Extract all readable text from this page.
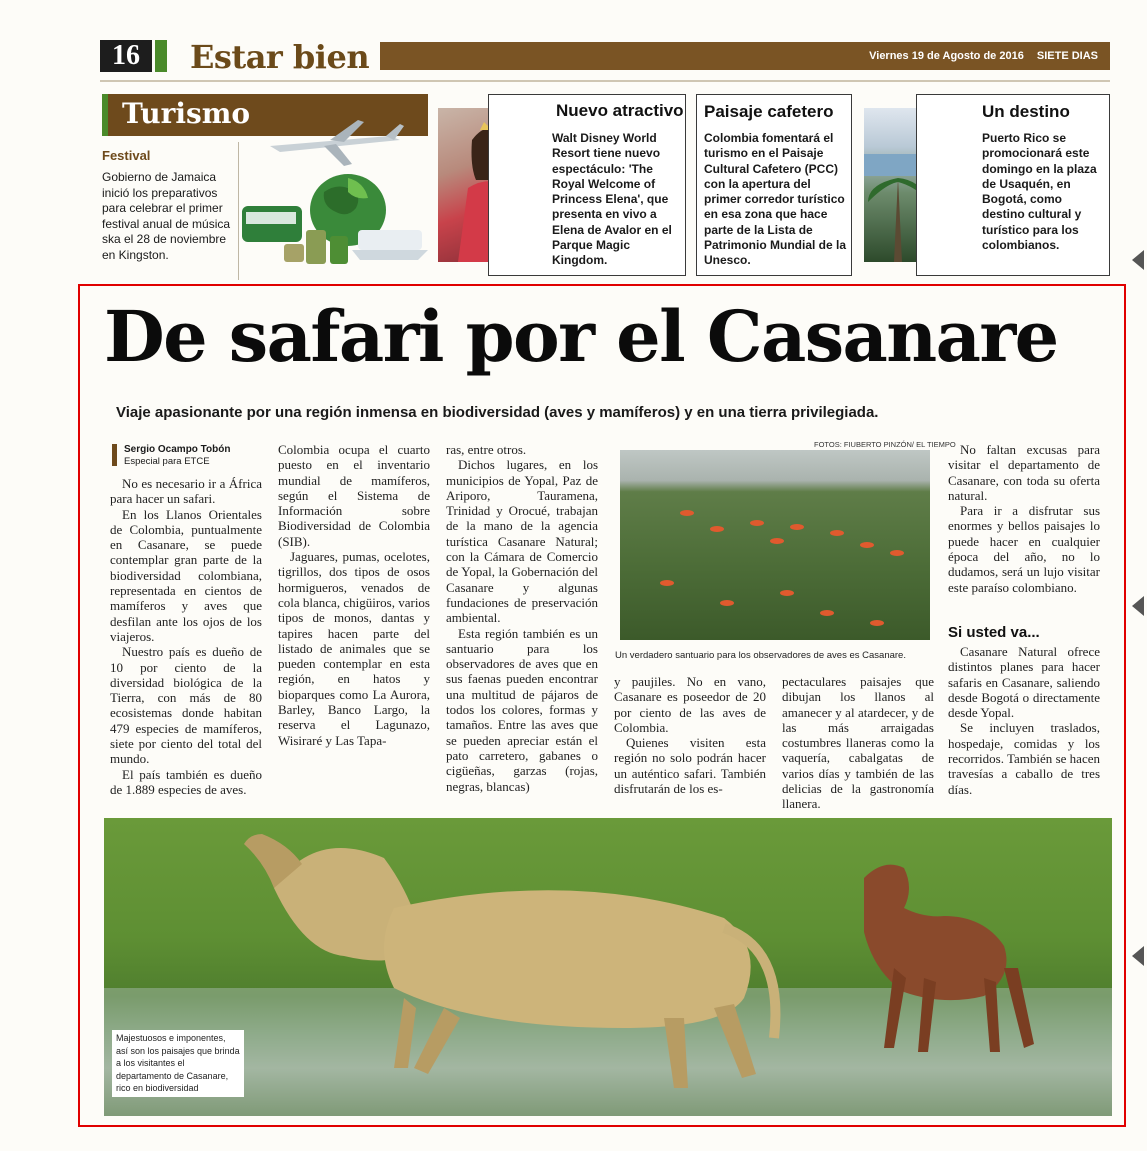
16	Estar bien	Viernes 19 de Agosto de 2016 SIETE DIAS
Turismo
Festival
Gobierno de Jamaica inició los preparativos para celebrar el primer festival anual de música ska el 28 de noviembre en Kingston.
Nuevo atractivo
Walt Disney World Resort tiene nuevo espectáculo: 'The Royal Welcome of Princess Elena', que presenta en vivo a Elena de Avalor en el Parque Magic Kingdom.
Paisaje cafetero
Colombia fomentará el turismo en el Paisaje Cultural Cafetero (PCC) con la apertura del primer corredor turístico en esa zona que hace parte de la Lista de Patrimonio Mundial de la Unesco.
Un destino
Puerto Rico se promocionará este domingo en la plaza de Usaquén, en Bogotá, como destino cultural y turístico para los colombianos.
De safari por el Casanare
Viaje apasionante por una región inmensa en biodiversidad (aves y mamíferos) y en una tierra privilegiada.
Sergio Ocampo Tobón
Especial para ETCE

No es necesario ir a África para hacer un safari.

En los Llanos Orientales de Colombia, puntualmente en Casanare, se puede contemplar gran parte de la biodiversidad colombiana, representada en cientos de mamíferos y aves que desfilan ante los ojos de los viajeros.

Nuestro país es dueño de 10 por ciento de la diversidad biológica de la Tierra, con más de 80 ecosistemas donde habitan 479 especies de mamíferos, siete por ciento del total del mundo.

El país también es dueño de 1.889 especies de aves.

Colombia ocupa el cuarto puesto en el inventario mundial de mamíferos, según el Sistema de Información sobre Biodiversidad de Colombia (SIB).

Jaguares, pumas, ocelotes, tigrillos, dos tipos de osos hormigueros, venados de cola blanca, chigüiros, varios tipos de monos, dantas y tapires hacen parte del listado de animales que se pueden contemplar en esta región, en hatos y bioparques como La Aurora, Barley, Banco Largo, la reserva el Lagunazo, Wisiraré y Las Tapa-

ras, entre otros.

Dichos lugares, en los municipios de Yopal, Paz de Ariporo, Tauramena, Trinidad y Orocué, trabajan de la mano de la agencia turística Casanare Natural; con la Cámara de Comercio de Yopal, la Gobernación del Casanare y algunas fundaciones de preservación ambiental.

Esta región también es un santuario para los observadores de aves que en sus faenas pueden encontrar una multitud de pájaros de todos los colores, formas y tamaños. Entre las aves que se pueden apreciar están el pato carretero, gabanes o cigüeñas, garzas (rojas, negras, blancas)

FOTOS: FIUBERTO PINZÓN/ EL TIEMPO
Un verdadero santuario para los observadores de aves es Casanare.

y paujiles. No en vano, Casanare es poseedor de 20 por ciento de las aves de Colombia.

Quienes visiten esta región no solo podrán hacer un auténtico safari. También disfrutarán de los es-

pectaculares paisajes que dibujan los llanos al amanecer y al atardecer, y de las más arraigadas costumbres llaneras como la vaquería, cabalgatas de varios días y también de las delicias de la gastronomía llanera.

No faltan excusas para visitar el departamento de Casanare, con toda su oferta natural.

Para ir a disfrutar sus enormes y bellos paisajes lo puede hacer en cualquier época del año, no lo dudamos, será un lujo visitar este paraíso colombiano.

Si usted va...

Casanare Natural ofrece distintos planes para hacer safaris en Casanare, saliendo desde Bogotá o directamente desde Yopal.

Se incluyen traslados, hospedaje, comidas y los recorridos. También se hacen travesías a caballo de tres días.

Majestuosos e imponentes, así son los paisajes que brinda a los visitantes el departamento de Casanare, rico en biodiversidad
